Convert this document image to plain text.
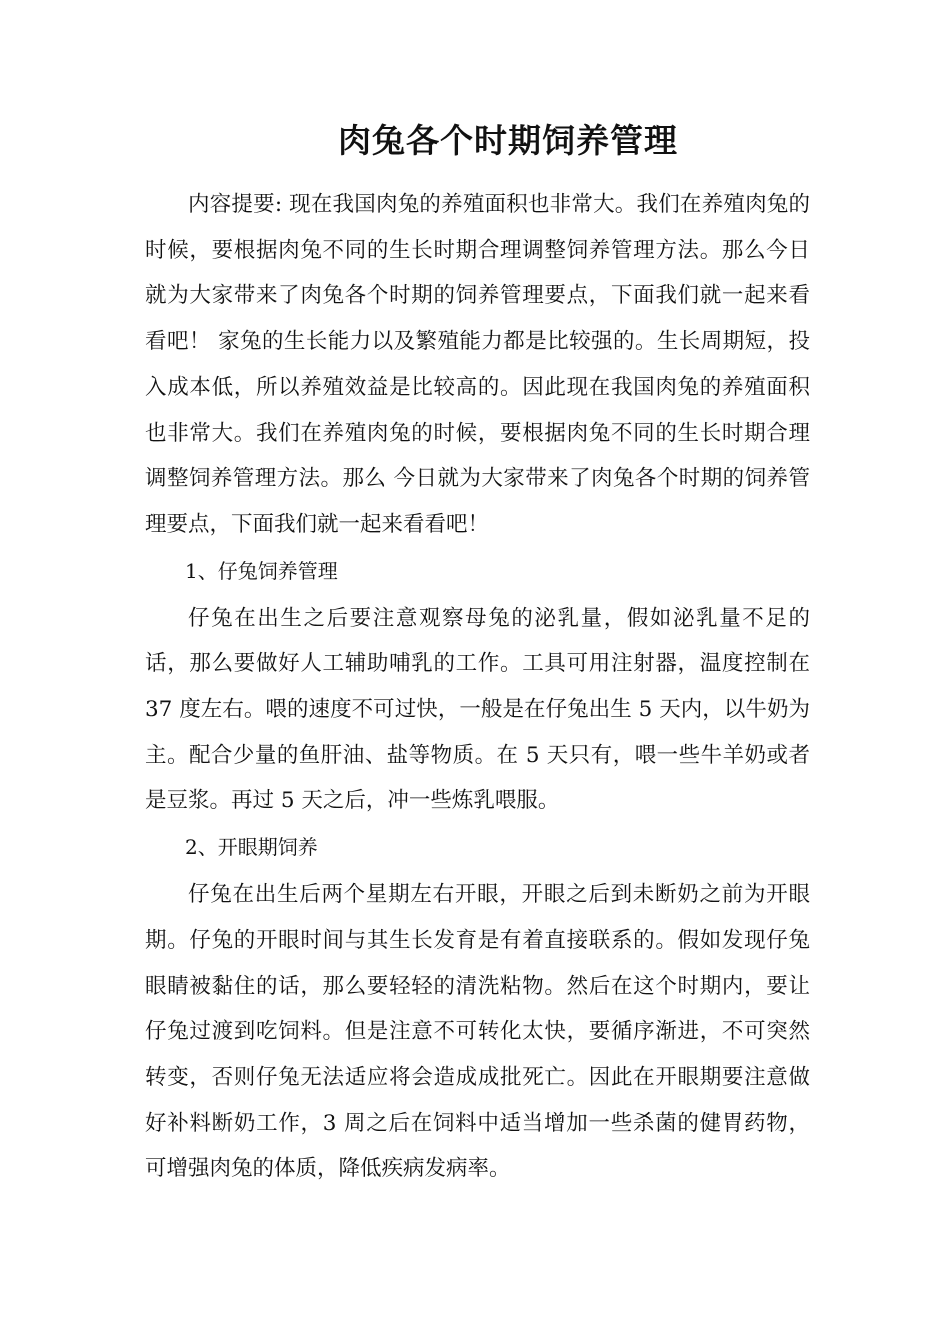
肉兔各个时期饲养管理

内容提要: 现在我国肉兔的养殖面积也非常大。我们在养殖肉兔的时候，要根据肉兔不同的生长时期合理调整饲养管理方法。那么今日就为大家带来了肉兔各个时期的饲养管理要点，下面我们就一起来看看吧！ 家兔的生长能力以及繁殖能力都是比较强的。生长周期短，投入成本低，所以养殖效益是比较高的。因此现在我国肉兔的养殖面积也非常大。我们在养殖肉兔的时候，要根据肉兔不同的生长时期合理调整饲养管理方法。那么 今日就为大家带来了肉兔各个时期的饲养管理要点，下面我们就一起来看看吧！

1、仔兔饲养管理

仔兔在出生之后要注意观察母兔的泌乳量，假如泌乳量不足的话，那么要做好人工辅助哺乳的工作。工具可用注射器，温度控制在 37 度左右。喂的速度不可过快，一般是在仔兔出生 5 天内，以牛奶为主。配合少量的鱼肝油、盐等物质。在 5 天只有，喂一些牛羊奶或者是豆浆。再过 5 天之后，冲一些炼乳喂服。

2、开眼期饲养

仔兔在出生后两个星期左右开眼，开眼之后到未断奶之前为开眼期。仔兔的开眼时间与其生长发育是有着直接联系的。假如发现仔兔眼睛被黏住的话，那么要轻轻的清洗粘物。然后在这个时期内，要让仔兔过渡到吃饲料。但是注意不可转化太快，要循序渐进，不可突然转变，否则仔兔无法适应将会造成成批死亡。因此在开眼期要注意做好补料断奶工作，3 周之后在饲料中适当增加一些杀菌的健胃药物，可增强肉兔的体质，降低疾病发病率。
